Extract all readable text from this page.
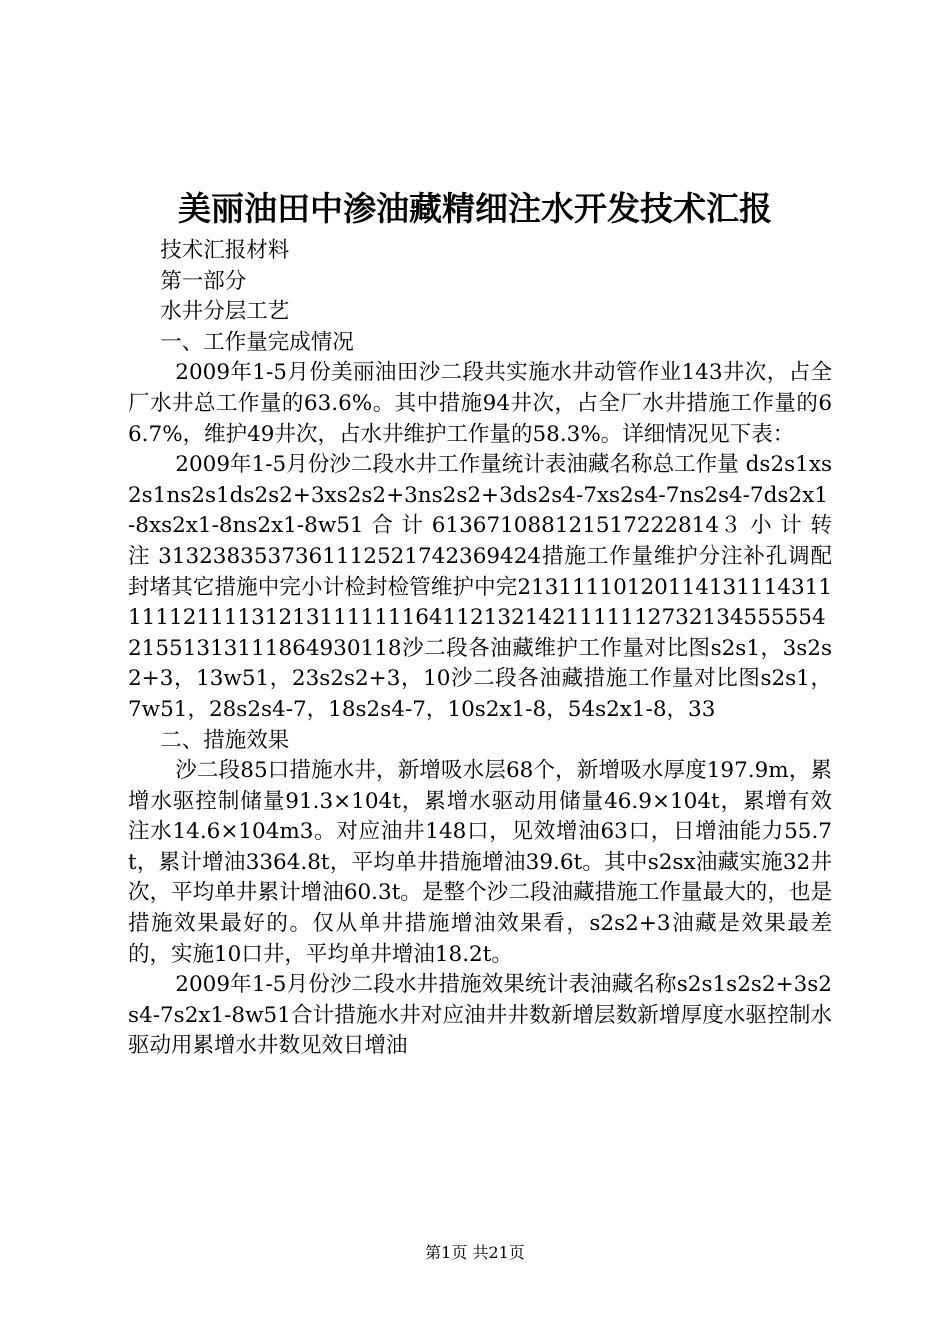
美丽油田中渗油藏精细注水开发技术汇报

技术汇报材料

第一部分

水井分层工艺

一、工作量完成情况

2009年1-5月份美丽油田沙二段共实施水井动管作业143井次，占全厂水井总工作量的63.6%。其中措施94井次，占全厂水井措施工作量的66.7%，维护49井次，占水井维护工作量的58.3%。详细情况见下表：

2009年1-5月份沙二段水井工作量统计表油藏名称总工作量 ds2s1xs2s1ns2s1ds2s2+3xs2s2+3ns2s2+3ds2s4-7xs2s4-7ns2s4-7ds2x1-8xs2x1-8ns2x1-8w51 合 计 613671088121517222814３ 小 计 转 注 3132383537361112521742369424措施工作量维护分注补孔调配封堵其它措施中完小计检封检管维护中完2131111012011413111431111112111131213111111164112132142111111273213455555421551313111864930118沙二段各油藏维护工作量对比图s2s1，3s2s2+3，13w51，23s2s2+3，10沙二段各油藏措施工作量对比图s2s1，7w51，28s2s4-7，18s2s4-7，10s2x1-8，54s2x1-8，33

二、措施效果

沙二段85口措施水井，新增吸水层68个，新增吸水厚度197.9m，累增水驱控制储量91.3×104t，累增水驱动用储量46.9×104t，累增有效注水14.6×104m3。对应油井148口，见效增油63口，日增油能力55.7t，累计增油3364.8t，平均单井措施增油39.6t。其中s2sx油藏实施32井次，平均单井累计增油60.3t。是整个沙二段油藏措施工作量最大的，也是措施效果最好的。仅从单井措施增油效果看，s2s2+3油藏是效果最差的，实施10口井，平均单井增油18.2t。

2009年1-5月份沙二段水井措施效果统计表油藏名称s2s1s2s2+3s2s4-7s2x1-8w51合计措施水井对应油井井数新增层数新增厚度水驱控制水驱动用累增水井数见效日增油

第1页 共21页
